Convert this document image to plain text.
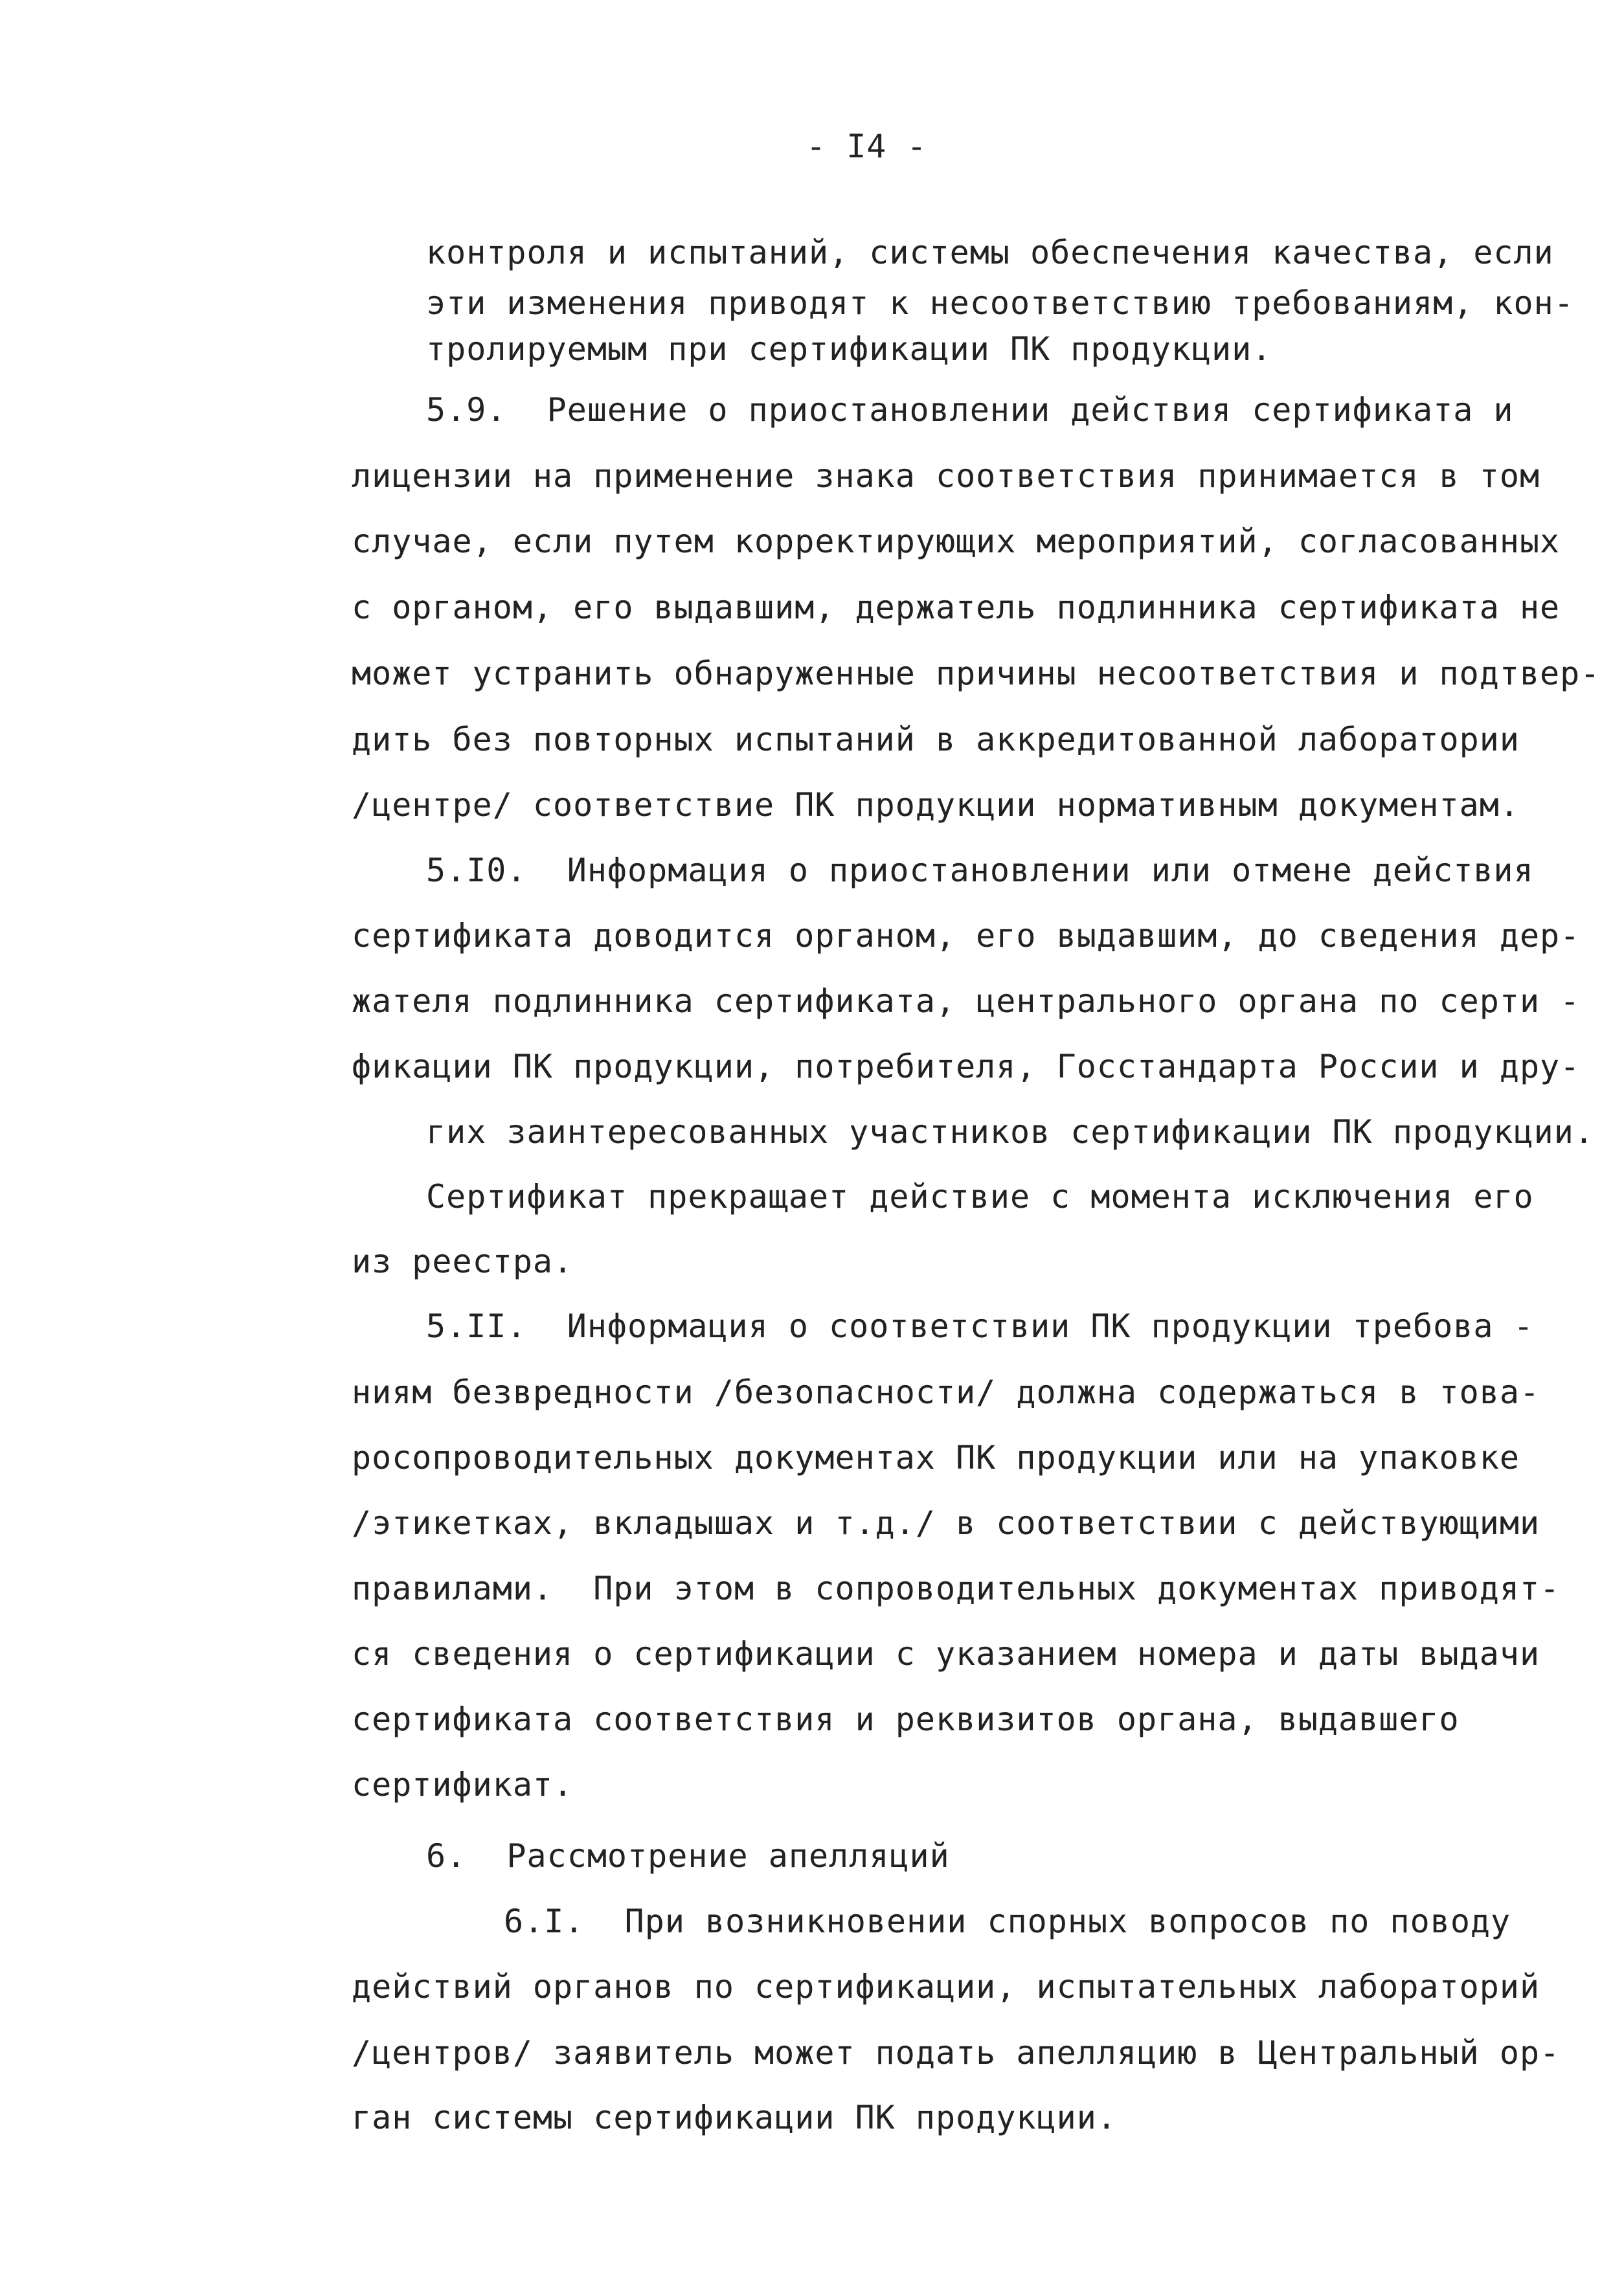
- I4 -
контроля и испытаний, системы обеспечения качества, если
эти изменения приводят к несоответствию требованиям, кон-
тролируемым при сертификации ПК продукции.
5.9.  Решение о приостановлении действия сертификата и
лицензии на применение знака соответствия принимается в том
случае, если путем корректирующих мероприятий, согласованных
с органом, его выдавшим, держатель подлинника сертификата не
может устранить обнаруженные причины несоответствия и подтвер-
дить без повторных испытаний в аккредитованной лаборатории
/центре/ соответствие ПК продукции нормативным документам.
5.I0.  Информация о приостановлении или отмене действия
сертификата доводится органом, его выдавшим, до сведения дер-
жателя подлинника сертификата, центрального органа по серти -
фикации ПК продукции, потребителя, Госстандарта России и дру-
гих заинтересованных участников сертификации ПК продукции.
Сертификат прекращает действие с момента исключения его
из реестра.
5.II.  Информация о соответствии ПК продукции требова -
ниям безвредности /безопасности/ должна содержаться в това-
росопроводительных документах ПК продукции или на упаковке
/этикетках, вкладышах и т.д./ в соответствии с действующими
правилами.  При этом в сопроводительных документах приводят-
ся сведения о сертификации с указанием номера и даты выдачи
сертификата соответствия и реквизитов органа, выдавшего
сертификат.
6.  Рассмотрение апелляций
6.I.  При возникновении спорных вопросов по поводу
действий органов по сертификации, испытательных лабораторий
/центров/ заявитель может подать апелляцию в Центральный ор-
ган системы сертификации ПК продукции.
